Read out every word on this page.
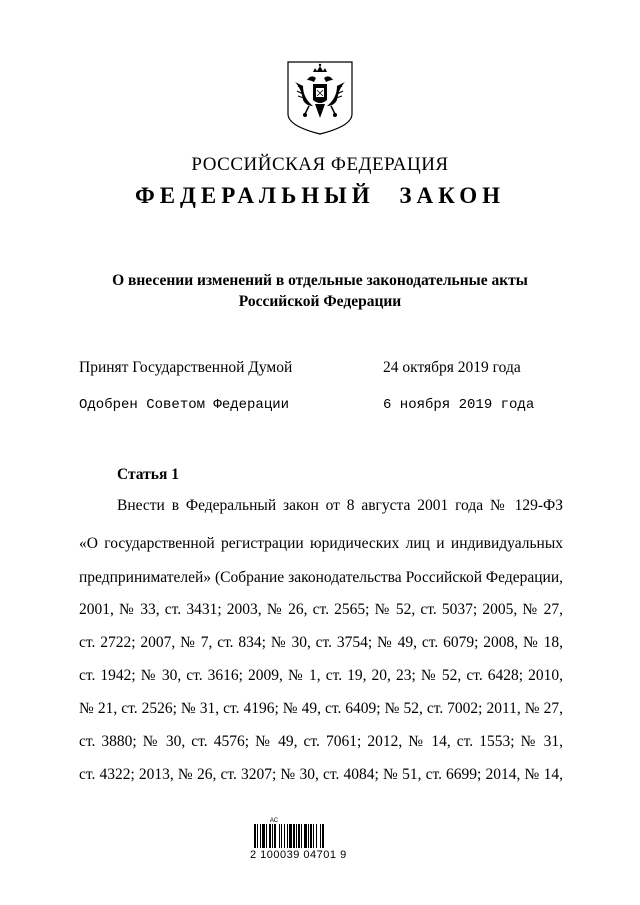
РОССИЙСКАЯ ФЕДЕРАЦИЯ
ФЕДЕРАЛЬНЫЙ ЗАКОН
О внесении изменений в отдельные законодательные акты
Российской Федерации
Принят Государственной Думой	24 октября 2019 года
Одобрен Советом Федерации	6 ноября 2019 года
Статья 1
Внести в Федеральный закон от 8 августа 2001 года № 129-ФЗ
«О государственной регистрации юридических лиц и индивидуальных
предпринимателей» (Собрание законодательства Российской Федерации,
2001, № 33, ст. 3431; 2003, № 26, ст. 2565; № 52, ст. 5037; 2005, № 27,
ст. 2722; 2007, № 7, ст. 834; № 30, ст. 3754; № 49, ст. 6079; 2008, № 18,
ст. 1942; № 30, ст. 3616; 2009, № 1, ст. 19, 20, 23; № 52, ст. 6428; 2010,
№ 21, ст. 2526; № 31, ст. 4196; № 49, ст. 6409; № 52, ст. 7002; 2011, № 27,
ст. 3880; № 30, ст. 4576; № 49, ст. 7061; 2012, № 14, ст. 1553; № 31,
ст. 4322; 2013, № 26, ст. 3207; № 30, ст. 4084; № 51, ст. 6699; 2014, № 14,
АС
2 100039 04701 9
